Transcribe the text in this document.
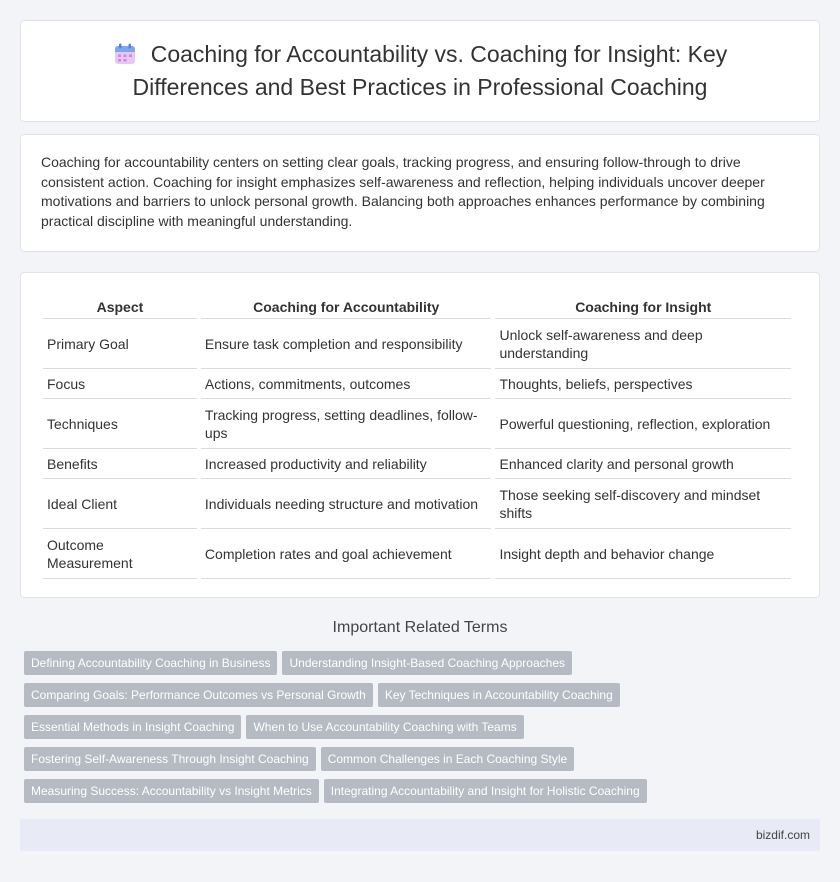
Coaching for Accountability vs. Coaching for Insight: Key Differences and Best Practices in Professional Coaching

Coaching for accountability centers on setting clear goals, tracking progress, and ensuring follow-through to drive consistent action. Coaching for insight emphasizes self-awareness and reflection, helping individuals uncover deeper motivations and barriers to unlock personal growth. Balancing both approaches enhances performance by combining practical discipline with meaningful understanding.

Aspect	Coaching for Accountability	Coaching for Insight
Primary Goal	Ensure task completion and responsibility	Unlock self-awareness and deep understanding
Focus	Actions, commitments, outcomes	Thoughts, beliefs, perspectives
Techniques	Tracking progress, setting deadlines, follow-ups	Powerful questioning, reflection, exploration
Benefits	Increased productivity and reliability	Enhanced clarity and personal growth
Ideal Client	Individuals needing structure and motivation	Those seeking self-discovery and mindset shifts
Outcome Measurement	Completion rates and goal achievement	Insight depth and behavior change
Important Related Terms
Defining Accountability Coaching in Business Understanding Insight-Based Coaching Approaches
Comparing Goals: Performance Outcomes vs Personal Growth Key Techniques in Accountability Coaching
Essential Methods in Insight Coaching When to Use Accountability Coaching with Teams
Fostering Self-Awareness Through Insight Coaching Common Challenges in Each Coaching Style
Measuring Success: Accountability vs Insight Metrics Integrating Accountability and Insight for Holistic Coaching
bizdif.com
